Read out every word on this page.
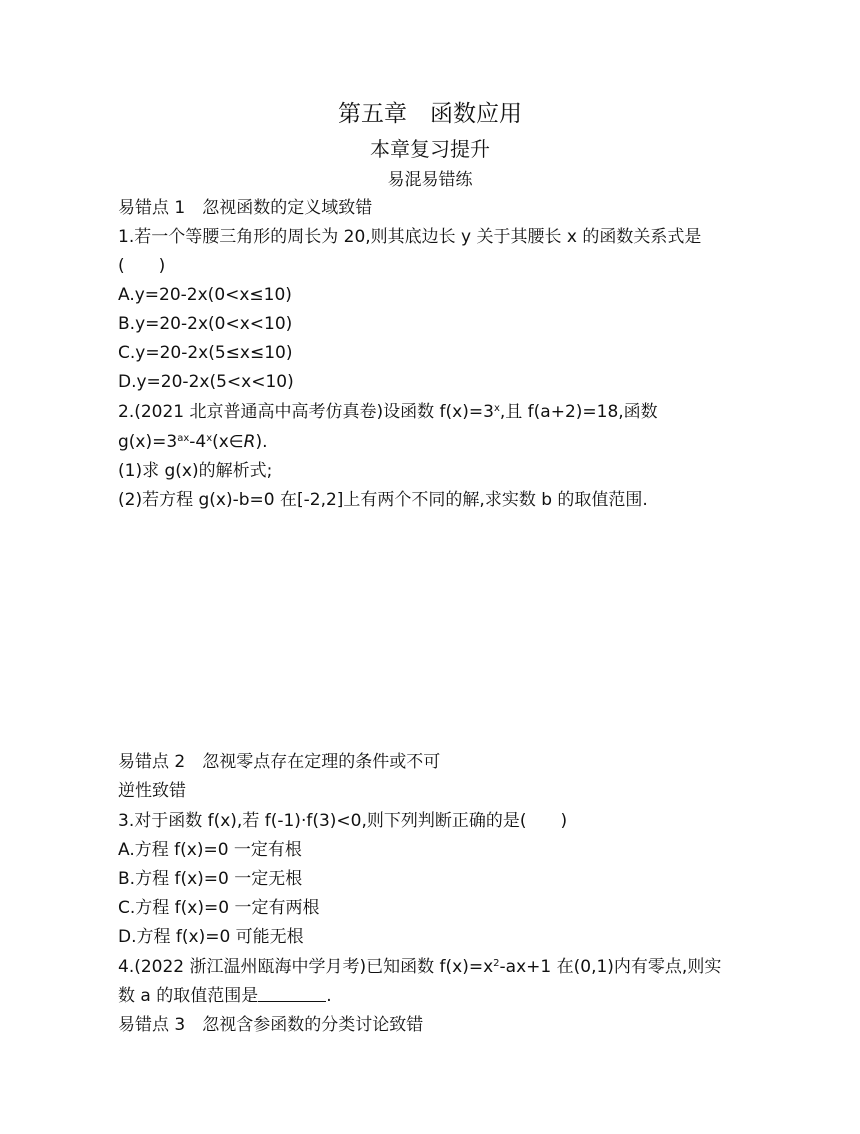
第五章　函数应用
本章复习提升
易混易错练
易错点 1　忽视函数的定义域致错
1.若一个等腰三角形的周长为 20,则其底边长 y 关于其腰长 x 的函数关系式是
(　　)
A.y=20-2x(0<x≤10)
B.y=20-2x(0<x<10)
C.y=20-2x(5≤x≤10)
D.y=20-2x(5<x<10)
2.(2021 北京普通高中高考仿真卷)设函数 $f(x)=3^x$,且 f(a+2)=18,函数
$g(x)=3^{ax}-4^x(x\in R)$.
(1)求 g(x)的解析式;
(2)若方程 g(x)-b=0 在[-2,2]上有两个不同的解,求实数 b 的取值范围.
易错点 2　忽视零点存在定理的条件或不可
逆性致错
3.对于函数 f(x),若 f(-1)·f(3)<0,则下列判断正确的是(　　)
A.方程 f(x)=0 一定有根
B.方程 f(x)=0 一定无根
C.方程 f(x)=0 一定有两根
D.方程 f(x)=0 可能无根
4.(2022 浙江温州瓯海中学月考)已知函数 $f(x)=x^2-ax+1$ 在(0,1)内有零点,则实
数 a 的取值范围是	.
易错点 3　忽视含参函数的分类讨论致错
